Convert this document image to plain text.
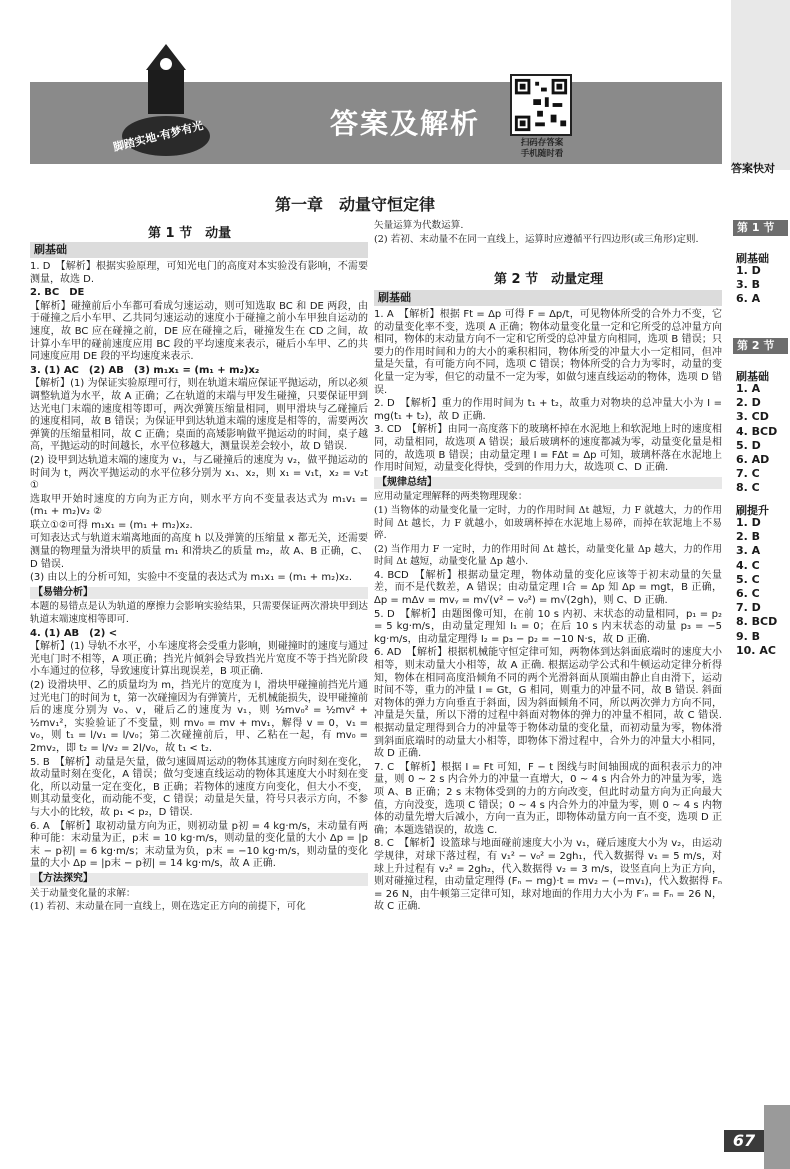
答案快对
第 1 节
刷基础
1. D
3. B
6. A
第 2 节
刷基础
1. A
2. D
3. CD
4. BCD
5. D
6. AD
7. C
8. C
刷提升
1. D
2. B
3. A
4. C
5. C
6. C
7. D
8. BCD
9. B
10. AC
答案及解析
脚踏实地·有梦有光	扫码存答案
手机随时看
第一章　动量守恒定律
第 1 节　动量
刷基础

1. D　【解析】根据实验原理，可知光电门的高度对本实验没有影响，不需要测量，故选 D.

2. BC　DE

【解析】碰撞前后小车都可看成匀速运动，则可知选取 BC 和 DE 两段，由于碰撞之后小车甲、乙共同匀速运动的速度小于碰撞之前小车甲独自运动的速度，故 BC 应在碰撞之前，DE 应在碰撞之后，碰撞发生在 CD 之间，故计算小车甲的碰前速度应用 BC 段的平均速度来表示，碰后小车甲、乙的共同速度应用 DE 段的平均速度来表示.

3. (1) AC　(2) AB　(3) m₁x₁ = (m₁ + m₂)x₂

【解析】(1) 为保证实验原理可行，则在轨道末端应保证平抛运动，所以必须调整轨道为水平，故 A 正确；乙在轨道的末端与甲发生碰撞，只要保证甲到达光电门末端的速度相等即可，两次弹簧压缩量相同，则甲滑块与乙碰撞后的速度相同，故 B 错误；为保证甲到达轨道末端的速度是相等的，需要两次弹簧的压缩量相同，故 C 正确；桌面的高矮影响做平抛运动的时间，桌子越高，平抛运动的时间越长，水平位移越大，测量误差会较小，故 D 错误.

(2) 设甲到达轨道末端的速度为 v₁，与乙碰撞后的速度为 v₂，做平抛运动的时间为 t，两次平抛运动的水平位移分别为 x₁、x₂，则 x₁ = v₁t，x₂ = v₂t ①

选取甲开始时速度的方向为正方向，则水平方向不变量表达式为 m₁v₁ = (m₁ + m₂)v₂ ②

联立①②可得 m₁x₁ = (m₁ + m₂)x₂.

可知表达式与轨道末端离地面的高度 h 以及弹簧的压缩量 x 都无关，还需要测量的物理量为滑块甲的质量 m₁ 和滑块乙的质量 m₂，故 A、B 正确，C、D 错误.

(3) 由以上的分析可知，实验中不变量的表达式为 m₁x₁ = (m₁ + m₂)x₂.

【易错分析】

本题的易错点是认为轨道的摩擦力会影响实验结果，只需要保证两次滑块甲到达轨道末端速度相等即可.

4. (1) AB　(2) <

【解析】(1) 导轨不水平，小车速度将会受重力影响，则碰撞时的速度与通过光电门时不相等，A 项正确；挡光片倾斜会导致挡光片宽度不等于挡光阶段小车通过的位移，导致速度计算出现误差，B 项正确.

(2) 设滑块甲、乙的质量均为 m，挡光片的宽度为 l，滑块甲碰撞前挡光片通过光电门的时间为 t，第一次碰撞因为有弹簧片，无机械能损失，设甲碰撞前后的速度分别为 v₀、v，碰后乙的速度为 v₁，则 ½mv₀² = ½mv² + ½mv₁²，实验验证了不变量，则 mv₀ = mv + mv₁，解得 v = 0，v₁ = v₀，则 t₁ = l/v₁ = l/v₀；第二次碰撞前后，甲、乙粘在一起，有 mv₀ = 2mv₂，即 t₂ = l/v₂ = 2l/v₀，故 t₁ < t₂.

5. B　【解析】动量是矢量，做匀速圆周运动的物体其速度方向时刻在变化，故动量时刻在变化，A 错误；做匀变速直线运动的物体其速度大小时刻在变化，所以动量一定在变化，B 正确；若物体的速度方向变化，但大小不变，则其动量变化，而动能不变，C 错误；动量是矢量，符号只表示方向，不参与大小的比较，故 p₁ < p₂，D 错误.

6. A　【解析】取初动量方向为正，则初动量 p初 = 4 kg·m/s，末动量有两种可能：末动量为正，p末 = 10 kg·m/s，则动量的变化量的大小 Δp = |p末 − p初| = 6 kg·m/s；末动量为负，p末 = −10 kg·m/s，则动量的变化量的大小 Δp = |p末 − p初| = 14 kg·m/s，故 A 正确.

【方法探究】

关于动量变化量的求解：

(1) 若初、末动量在同一直线上，则在选定正方向的前提下，可化

矢量运算为代数运算.

(2) 若初、末动量不在同一直线上，运算时应遵循平行四边形(或三角形)定则.

第 2 节　动量定理
刷基础

1. A　【解析】根据 Ft = Δp 可得 F = Δp/t，可见物体所受的合外力不变，它的动量变化率不变，选项 A 正确；物体动量变化量一定和它所受的总冲量方向相同，物体的末动量方向不一定和它所受的总冲量方向相同，选项 B 错误；只要力的作用时间和力的大小的乘积相同，物体所受的冲量大小一定相同，但冲量是矢量，有可能方向不同，选项 C 错误；物体所受的合力为零时，动量的变化量一定为零，但它的动量不一定为零，如做匀速直线运动的物体，选项 D 错误.

2. D　【解析】重力的作用时间为 t₁ + t₂，故重力对物块的总冲量大小为 I = mg(t₁ + t₂)，故 D 正确.

3. CD　【解析】由同一高度落下的玻璃杯掉在水泥地上和软泥地上时的速度相同，动量相同，故选项 A 错误；最后玻璃杯的速度都减为零，动量变化量是相同的，故选项 B 错误；由动量定理 I = FΔt = Δp 可知，玻璃杯落在水泥地上作用时间短，动量变化得快，受到的作用力大，故选项 C、D 正确.

【规律总结】

应用动量定理解释的两类物理现象：

(1) 当物体的动量变化量一定时，力的作用时间 Δt 越短，力 F 就越大，力的作用时间 Δt 越长，力 F 就越小，如玻璃杯掉在水泥地上易碎，而掉在软泥地上不易碎.

(2) 当作用力 F 一定时，力的作用时间 Δt 越长，动量变化量 Δp 越大，力的作用时间 Δt 越短，动量变化量 Δp 越小.

4. BCD　【解析】根据动量定理，物体动量的变化应该等于初末动量的矢量差，而不是代数差，A 错误；由动量定理 I合 = Δp 知 Δp = mgt，B 正确，Δp = mΔv = mvᵧ = m√(v² − v₀²) = m√(2gh)，则 C、D 正确.

5. D　【解析】由题图像可知，在前 10 s 内初、末状态的动量相同，p₁ = p₂ = 5 kg·m/s，由动量定理知 I₁ = 0；在后 10 s 内末状态的动量 p₃ = −5 kg·m/s，由动量定理得 I₂ = p₃ − p₂ = −10 N·s，故 D 正确.

6. AD　【解析】根据机械能守恒定律可知，两物体到达斜面底端时的速度大小相等，则末动量大小相等，故 A 正确. 根据运动学公式和牛顿运动定律分析得知，物体在相同高度沿倾角不同的两个光滑斜面从顶端由静止自由滑下，运动时间不等，重力的冲量 I = Gt，G 相同，则重力的冲量不同，故 B 错误. 斜面对物体的弹力方向垂直于斜面，因为斜面倾角不同，所以两次弹力方向不同，冲量是矢量，所以下滑的过程中斜面对物体的弹力的冲量不相同，故 C 错误. 根据动量定理得到合力的冲量等于物体动量的变化量，而初动量为零，物体滑到斜面底端时的动量大小相等，即物体下滑过程中，合外力的冲量大小相同，故 D 正确.

7. C　【解析】根据 I = Ft 可知，F − t 图线与时间轴围成的面积表示力的冲量，则 0 ~ 2 s 内合外力的冲量一直增大，0 ~ 4 s 内合外力的冲量为零，选项 A、B 正确；2 s 末物体受到的力的方向改变，但此时动量方向为正向最大值，方向没变，选项 C 错误；0 ~ 4 s 内合外力的冲量为零，则 0 ~ 4 s 内物体的动量先增大后减小，方向一直为正，即物体动量方向一直不变，选项 D 正确；本题选错误的，故选 C.

8. C　【解析】设篮球与地面碰前速度大小为 v₁，碰后速度大小为 v₂，由运动学规律，对球下落过程，有 v₁² − v₀² = 2gh₁，代入数据得 v₁ = 5 m/s，对球上升过程有 v₂² = 2gh₂，代入数据得 v₂ = 3 m/s，设竖直向上为正方向，则对碰撞过程，由动量定理得 (Fₙ − mg)·t = mv₂ − (−mv₁)，代入数据得 Fₙ = 26 N，由牛顿第三定律可知，球对地面的作用力大小为 F′ₙ = Fₙ = 26 N，故 C 正确.

67
